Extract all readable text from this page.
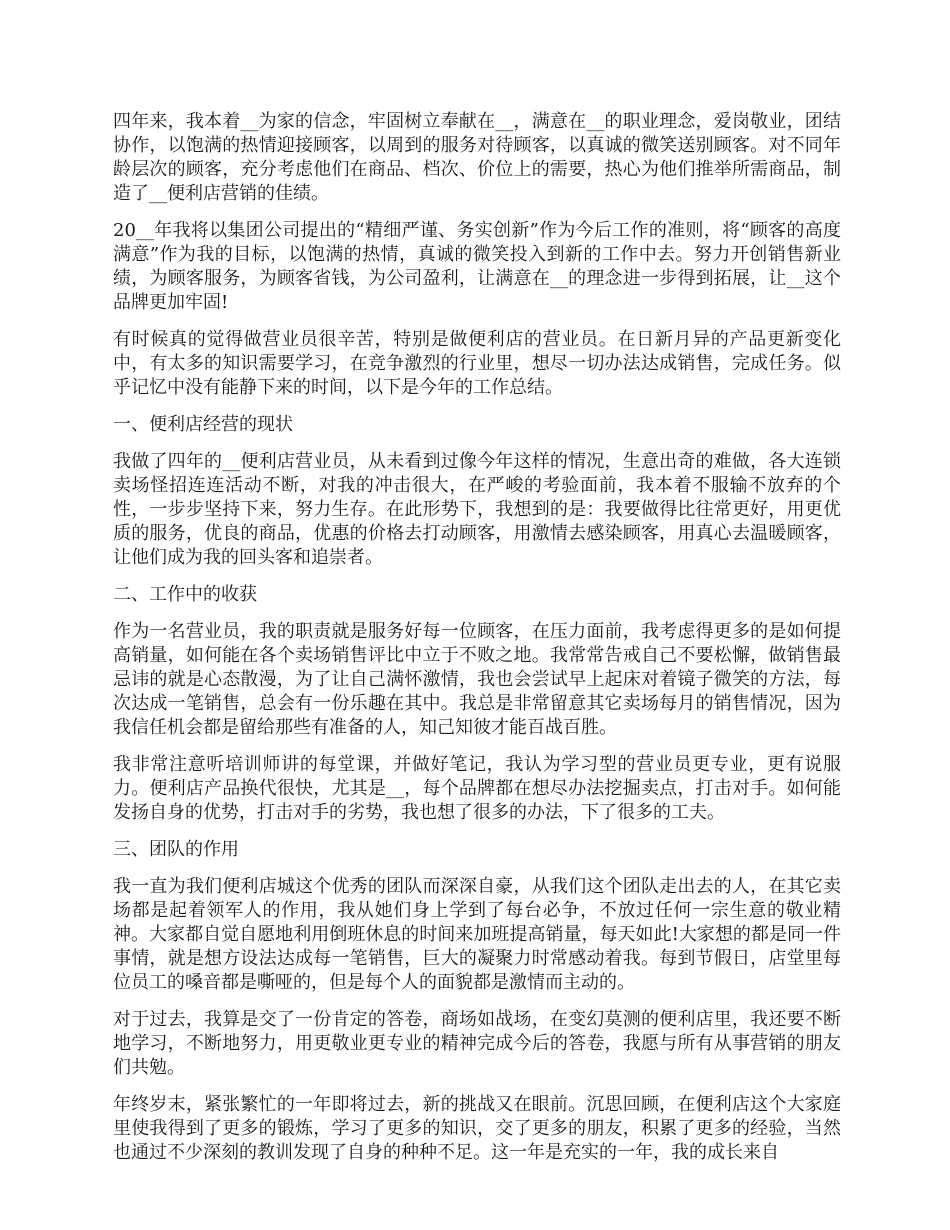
四年来，我本着__为家的信念，牢固树立奉献在__，满意在__的职业理念，爱岗敬业，团结协作，以饱满的热情迎接顾客，以周到的服务对待顾客，以真诚的微笑送别顾客。对不同年龄层次的顾客，充分考虑他们在商品、档次、价位上的需要，热心为他们推举所需商品，制造了__便利店营销的佳绩。

20__年我将以集团公司提出的“精细严谨、务实创新”作为今后工作的准则，将“顾客的高度满意”作为我的目标，以饱满的热情，真诚的微笑投入到新的工作中去。努力开创销售新业绩，为顾客服务，为顾客省钱，为公司盈利，让满意在__的理念进一步得到拓展，让__这个品牌更加牢固!

有时候真的觉得做营业员很辛苦，特别是做便利店的营业员。在日新月异的产品更新变化中，有太多的知识需要学习，在竞争激烈的行业里，想尽一切办法达成销售，完成任务。似乎记忆中没有能静下来的时间，以下是今年的工作总结。

一、便利店经营的现状

我做了四年的__便利店营业员，从未看到过像今年这样的情况，生意出奇的难做，各大连锁卖场怪招连连活动不断，对我的冲击很大，在严峻的考验面前，我本着不服输不放弃的个性，一步步坚持下来，努力生存。在此形势下，我想到的是：我要做得比往常更好，用更优质的服务，优良的商品，优惠的价格去打动顾客，用激情去感染顾客，用真心去温暖顾客，让他们成为我的回头客和追崇者。

二、工作中的收获

作为一名营业员，我的职责就是服务好每一位顾客，在压力面前，我考虑得更多的是如何提高销量，如何能在各个卖场销售评比中立于不败之地。我常常告戒自己不要松懈，做销售最忌讳的就是心态散漫，为了让自己满怀激情，我也会尝试早上起床对着镜子微笑的方法，每次达成一笔销售，总会有一份乐趣在其中。我总是非常留意其它卖场每月的销售情况，因为我信任机会都是留给那些有准备的人，知己知彼才能百战百胜。

我非常注意听培训师讲的每堂课，并做好笔记，我认为学习型的营业员更专业，更有说服力。便利店产品换代很快，尤其是__，每个品牌都在想尽办法挖掘卖点，打击对手。如何能发扬自身的优势，打击对手的劣势，我也想了很多的办法，下了很多的工夫。

三、团队的作用

我一直为我们便利店城这个优秀的团队而深深自豪，从我们这个团队走出去的人，在其它卖场都是起着领军人的作用，我从她们身上学到了每台必争，不放过任何一宗生意的敬业精神。大家都自觉自愿地利用倒班休息的时间来加班提高销量，每天如此!大家想的都是同一件事情，就是想方设法达成每一笔销售，巨大的凝聚力时常感动着我。每到节假日，店堂里每位员工的嗓音都是嘶哑的，但是每个人的面貌都是激情而主动的。

对于过去，我算是交了一份肯定的答卷，商场如战场，在变幻莫测的便利店里，我还要不断地学习，不断地努力，用更敬业更专业的精神完成今后的答卷，我愿与所有从事营销的朋友们共勉。

年终岁末，紧张繁忙的一年即将过去，新的挑战又在眼前。沉思回顾，在便利店这个大家庭里使我得到了更多的锻炼，学习了更多的知识，交了更多的朋友，积累了更多的经验，当然也通过不少深刻的教训发现了自身的种种不足。这一年是充实的一年，我的成长来自
